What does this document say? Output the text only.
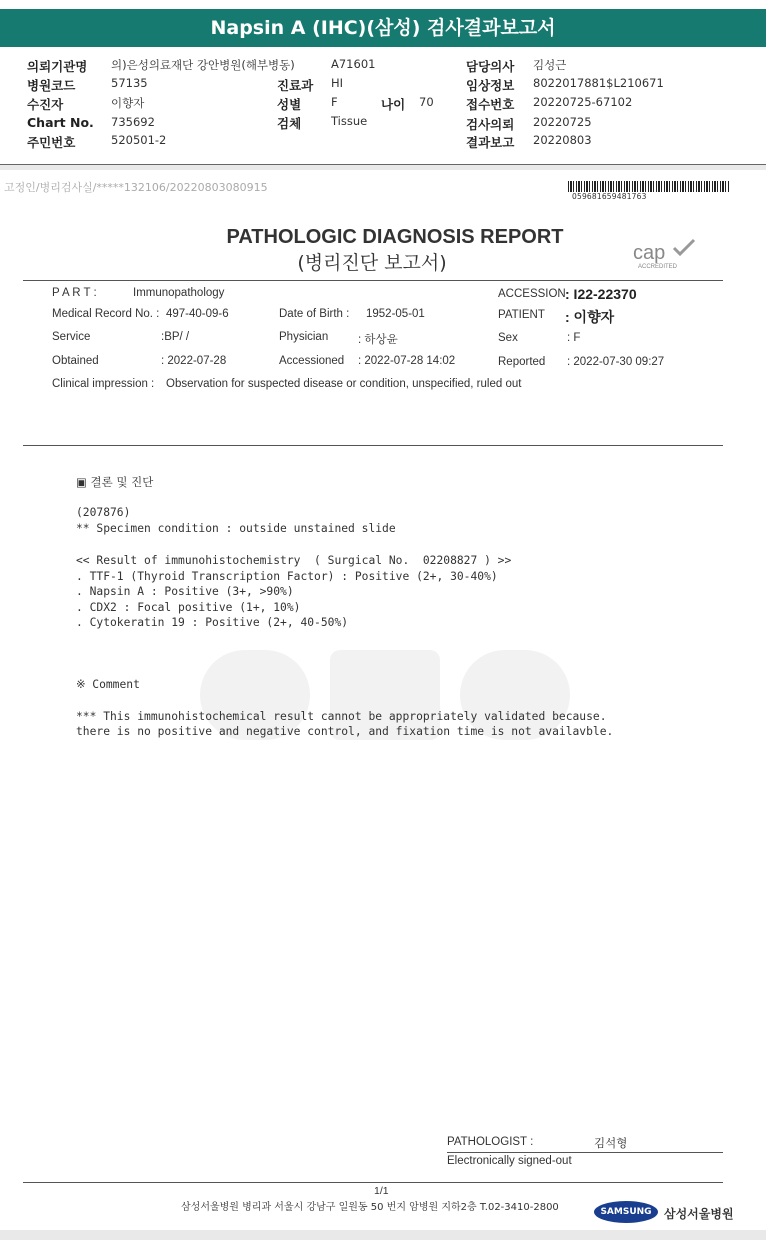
Napsin A (IHC)(삼성) 검사결과보고서
의뢰기관명 의)은성의료재단 강안병원(해부병동)	A71601	담당의사 김성근
병원코드	57135	진료과 HI	임상정보 8022017881$L210671
수진자	이향자	성별	F	나이 70	접수번호 20220725-67102
Chart No. 735692	검체	Tissue	검사의뢰 20220725
주민번호	520501-2	결과보고 20220803
고정인/병리검사실/*****132106/20220803080915
059681659481763
PATHOLOGIC DIAGNOSIS REPORT
(병리진단 보고서)	cap
ACCREDITED
P A R T :	Immunopathology	ACCESSION : I22-22370
Medical Record No. : 497-40-09-6	Date of Birth : 1952-05-01	PATIENT : 이향자
Service	:BP/ /	Physician	: 하상윤	Sex	: F
Obtained	: 2022-07-28	Accessioned : 2022-07-28 14:02	Reported : 2022-07-30 09:27
Clinical impression : Observation for suspected disease or condition, unspecified, ruled out
▣ 결론 및 진단
(207876)
** Specimen condition : outside unstained slide
<< Result of immunohistochemistry  ( Surgical No.  02208827 ) >>
. TTF-1 (Thyroid Transcription Factor) : Positive (2+, 30-40%)
. Napsin A : Positive (3+, >90%)
. CDX2 : Focal positive (1+, 10%)
. Cytokeratin 19 : Positive (2+, 40-50%)
※ Comment
*** This immunohistochemical result cannot be appropriately validated because.
there is no positive and negative control, and fixation time is not availavble.
PATHOLOGIST :	김석형
Electronically signed-out
1/1
삼성서울병원 병리과 서울시 강남구 일원동 50 번지 암병원 지하2층 T.02-3410-2800	SAMSUNG	삼성서울병원
